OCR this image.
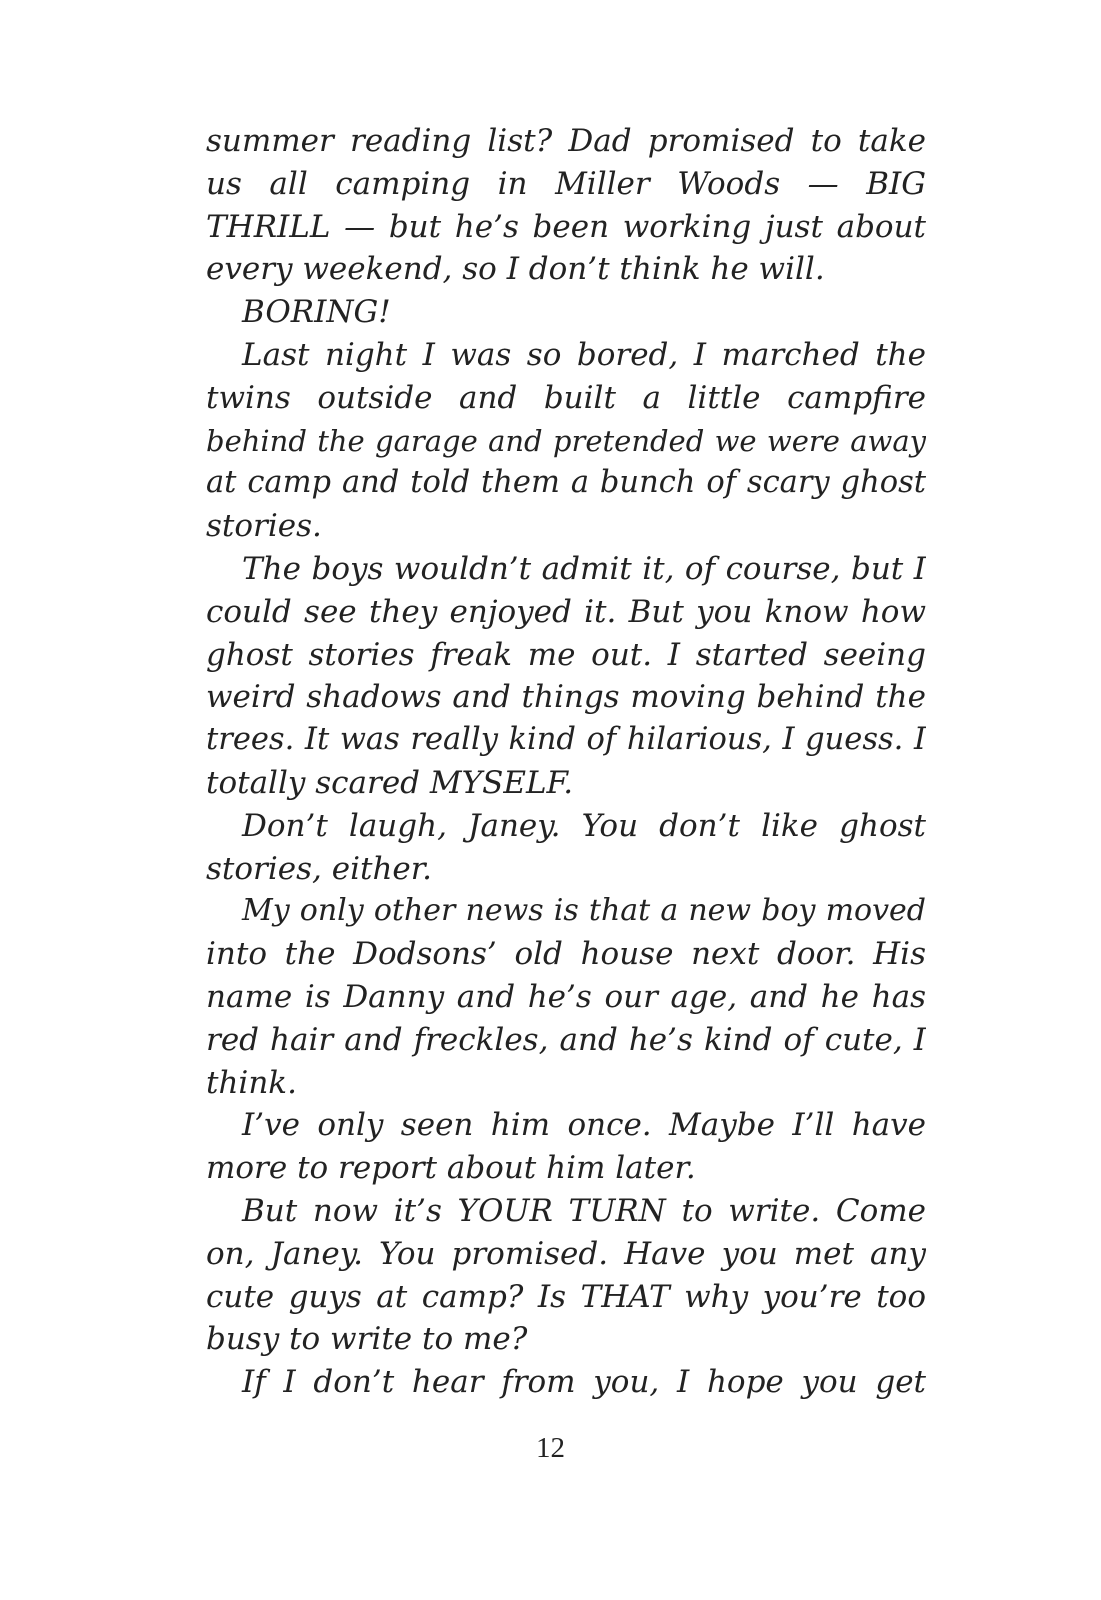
summer reading list? Dad promised to take
us all camping in Miller Woods — BIG
THRILL — but he’s been working just about
every weekend, so I don’t think he will.
BORING!
Last night I was so bored, I marched the
twins outside and built a little campfire
behind the garage and pretended we were away
at camp and told them a bunch of scary ghost
stories.
The boys wouldn’t admit it, of course, but I
could see they enjoyed it. But you know how
ghost stories freak me out. I started seeing
weird shadows and things moving behind the
trees. It was really kind of hilarious, I guess. I
totally scared MYSELF.
Don’t laugh, Janey. You don’t like ghost
stories, either.
My only other news is that a new boy moved
into the Dodsons’ old house next door. His
name is Danny and he’s our age, and he has
red hair and freckles, and he’s kind of cute, I
think.
I’ve only seen him once. Maybe I’ll have
more to report about him later.
But now it’s YOUR TURN to write. Come
on, Janey. You promised. Have you met any
cute guys at camp? Is THAT why you’re too
busy to write to me?
If I don’t hear from you, I hope you get
12
